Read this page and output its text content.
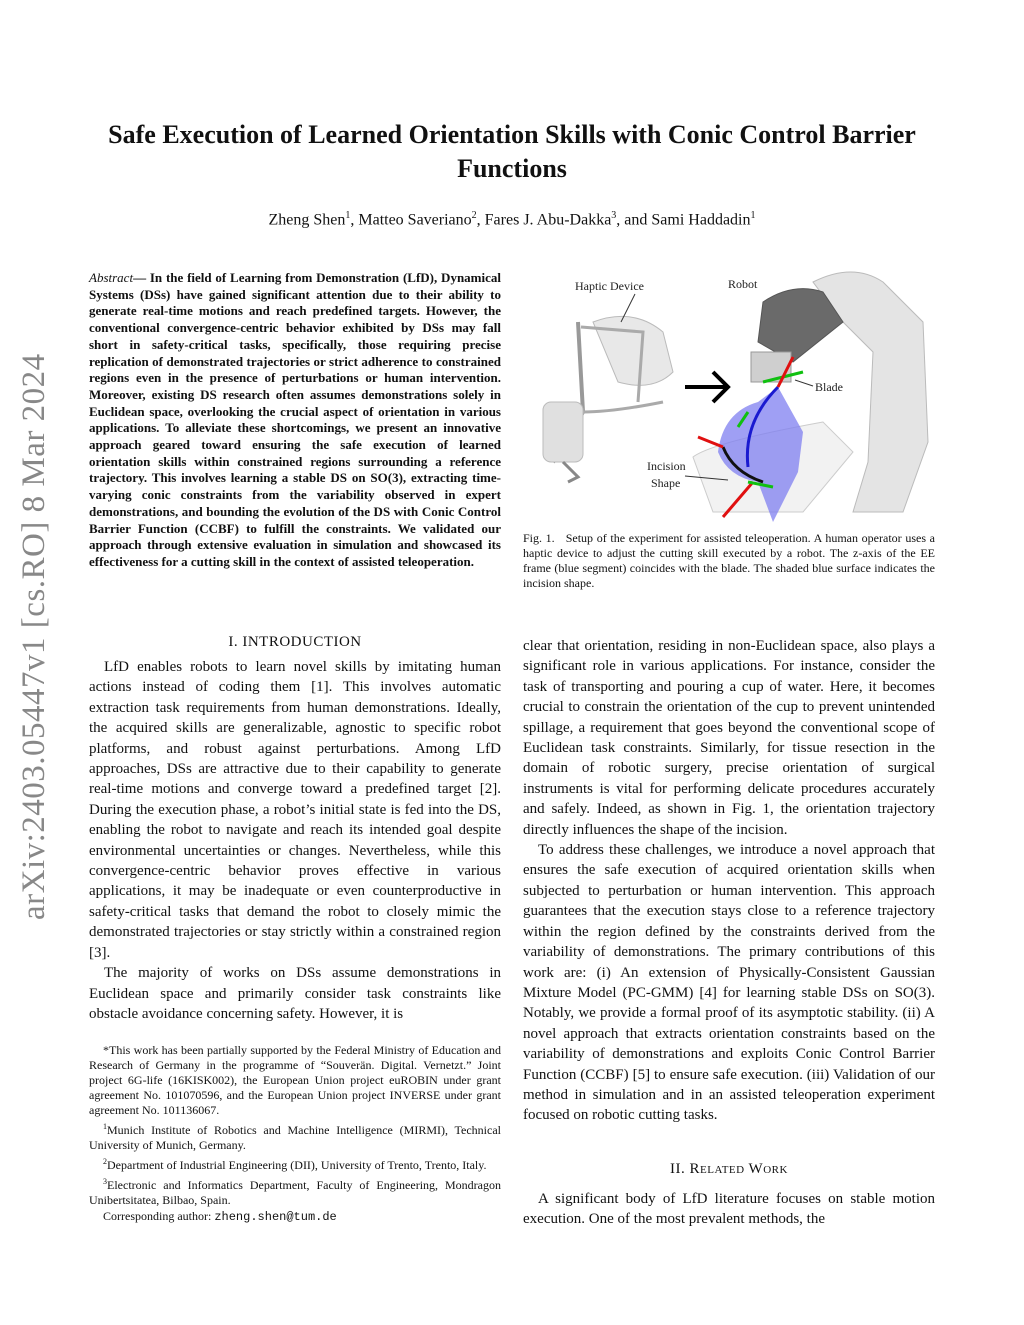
arXiv:2403.05447v1 [cs.RO] 8 Mar 2024
Safe Execution of Learned Orientation Skills with Conic Control Barrier Functions
Zheng Shen$^1$, Matteo Saveriano$^2$, Fares J. Abu-Dakka$^3$, and Sami Haddadin$^1$
Abstract— In the field of Learning from Demonstration (LfD), Dynamical Systems (DSs) have gained significant attention due to their ability to generate real-time motions and reach predefined targets. However, the conventional convergence-centric behavior exhibited by DSs may fall short in safety-critical tasks, specifically, those requiring precise replication of demonstrated trajectories or strict adherence to constrained regions even in the presence of perturbations or human intervention. Moreover, existing DS research often assumes demonstrations solely in Euclidean space, overlooking the crucial aspect of orientation in various applications. To alleviate these shortcomings, we present an innovative approach geared toward ensuring the safe execution of learned orientation skills within constrained regions surrounding a reference trajectory. This involves learning a stable DS on SO(3), extracting time-varying conic constraints from the variability observed in expert demonstrations, and bounding the evolution of the DS with Conic Control Barrier Function (CCBF) to fulfill the constraints. We validated our approach through extensive evaluation in simulation and showcased its effectiveness for a cutting skill in the context of assisted teleoperation.
I. INTRODUCTION

LfD enables robots to learn novel skills by imitating human actions instead of coding them [1]. This involves automatic extraction task requirements from human demonstrations. Ideally, the acquired skills are generalizable, agnostic to specific robot platforms, and robust against perturbations. Among LfD approaches, DSs are attractive due to their capability to generate real-time motions and converge toward a predefined target [2]. During the execution phase, a robot’s initial state is fed into the DS, enabling the robot to navigate and reach its intended goal despite environmental uncertainties or changes. Nevertheless, while this convergence-centric behavior proves effective in various applications, it may be inadequate or even counterproductive in safety-critical tasks that demand the robot to closely mimic the demonstrated trajectories or stay strictly within a constrained region [3].

The majority of works on DSs assume demonstrations in Euclidean space and primarily consider task constraints like obstacle avoidance concerning safety. However, it is

*This work has been partially supported by the Federal Ministry of Education and Research of Germany in the programme of “Souverän. Digital. Vernetzt.” Joint project 6G-life (16KISK002), the European Union project euROBIN under grant agreement No. 101070596, and the European Union project INVERSE under grant agreement No. 101136067.

$^1$Munich Institute of Robotics and Machine Intelligence (MIRMI), Technical University of Munich, Germany.

$^2$Department of Industrial Engineering (DII), University of Trento, Trento, Italy.

$^3$Electronic and Informatics Department, Faculty of Engineering, Mondragon Unibertsitatea, Bilbao, Spain.

Corresponding author: zheng.shen@tum.de

Haptic Device	Robot
Blade
Incision
Shape
Fig. 1. Setup of the experiment for assisted teleoperation. A human operator uses a haptic device to adjust the cutting skill executed by a robot. The z-axis of the EE frame (blue segment) coincides with the blade. The shaded blue surface indicates the incision shape.

clear that orientation, residing in non-Euclidean space, also plays a significant role in various applications. For instance, consider the task of transporting and pouring a cup of water. Here, it becomes crucial to constrain the orientation of the cup to prevent unintended spillage, a requirement that goes beyond the conventional scope of Euclidean task constraints. Similarly, for tissue resection in the domain of robotic surgery, precise orientation of surgical instruments is vital for performing delicate procedures accurately and safely. Indeed, as shown in Fig. 1, the orientation trajectory directly influences the shape of the incision.

To address these challenges, we introduce a novel approach that ensures the safe execution of acquired orientation skills when subjected to perturbation or human intervention. This approach guarantees that the execution stays close to a reference trajectory within the region defined by the constraints derived from the variability of demonstrations. The primary contributions of this work are: (i) An extension of Physically-Consistent Gaussian Mixture Model (PC-GMM) [4] for learning stable DSs on SO(3). Notably, we provide a formal proof of its asymptotic stability. (ii) A novel approach that extracts orientation constraints based on the variability of demonstrations and exploits Conic Control Barrier Function (CCBF) [5] to ensure safe execution. (iii) Validation of our method in simulation and in an assisted teleoperation experiment focused on robotic cutting tasks.

II. Related Work

A significant body of LfD literature focuses on stable motion execution. One of the most prevalent methods, the
